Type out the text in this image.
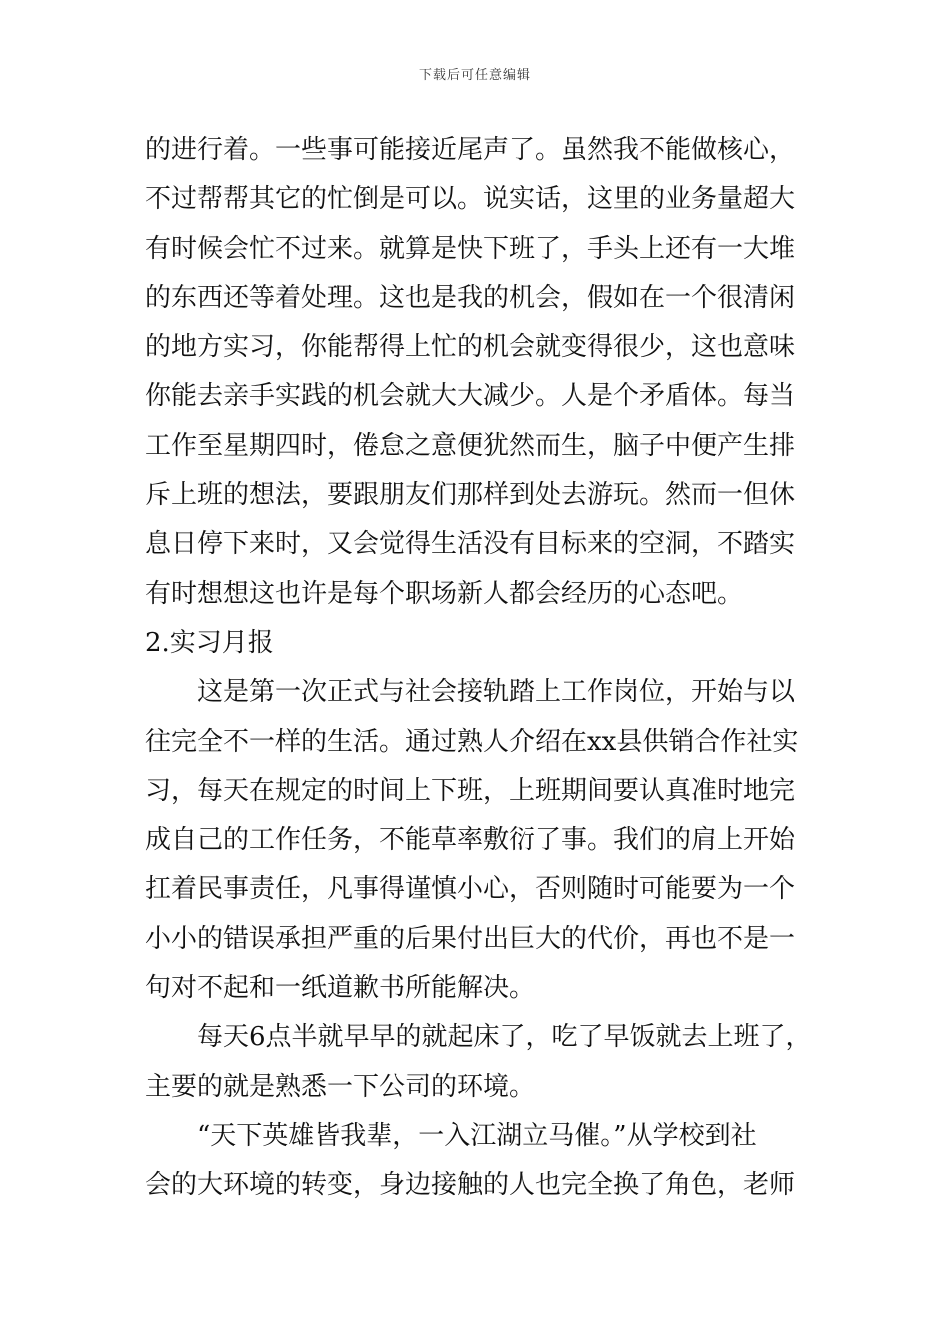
下载后可任意编辑
的进行着。一些事可能接近尾声了。虽然我不能做核心，
不过帮帮其它的忙倒是可以。说实话，这里的业务量超大
有时候会忙不过来。就算是快下班了，手头上还有一大堆
的东西还等着处理。这也是我的机会，假如在一个很清闲
的地方实习，你能帮得上忙的机会就变得很少，这也意味
你能去亲手实践的机会就大大减少。人是个矛盾体。每当
工作至星期四时，倦怠之意便犹然而生，脑子中便产生排
斥上班的想法，要跟朋友们那样到处去游玩。然而一但休
息日停下来时，又会觉得生活没有目标来的空洞，不踏实
有时想想这也许是每个职场新人都会经历的心态吧。
2.实习月报
这是第一次正式与社会接轨踏上工作岗位，开始与以
往完全不一样的生活。通过熟人介绍在xx县供销合作社实
习，每天在规定的时间上下班，上班期间要认真准时地完
成自己的工作任务，不能草率敷衍了事。我们的肩上开始
扛着民事责任，凡事得谨慎小心，否则随时可能要为一个
小小的错误承担严重的后果付出巨大的代价，再也不是一
句对不起和一纸道歉书所能解决。
每天6点半就早早的就起床了，吃了早饭就去上班了，
主要的就是熟悉一下公司的环境。
“天下英雄皆我辈，一入江湖立马催。”从学校到社
会的大环境的转变，身边接触的人也完全换了角色，老师
